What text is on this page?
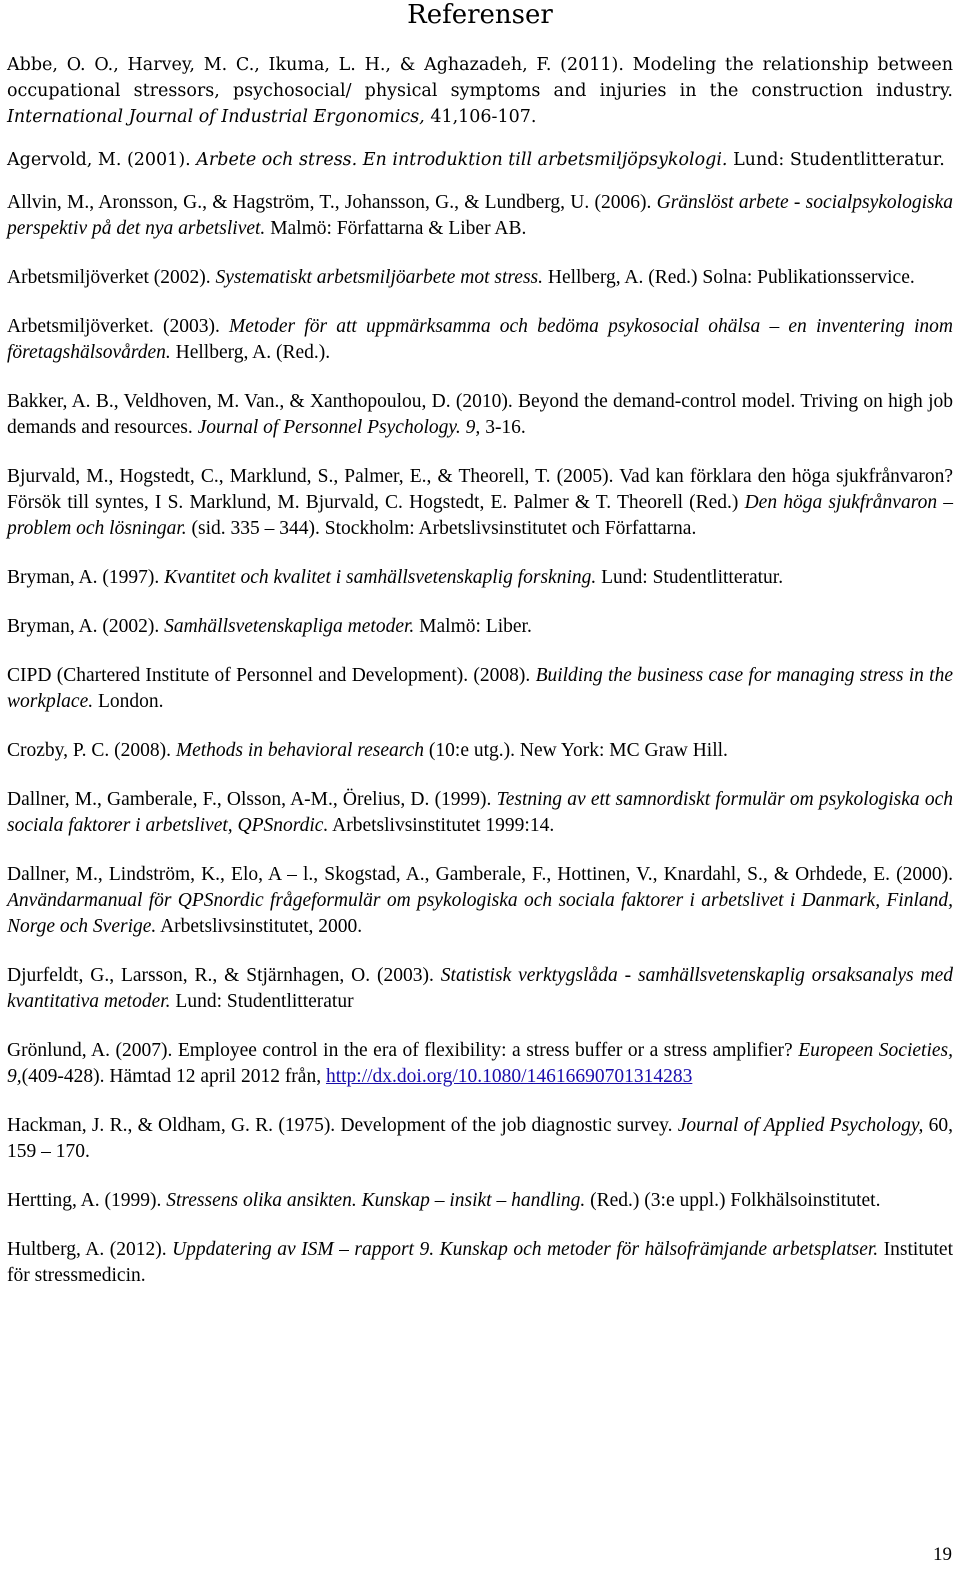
Referenser

Abbe, O. O., Harvey, M. C., Ikuma, L. H., & Aghazadeh, F. (2011). Modeling the relationship between occupational stressors, psychosocial/ physical symptoms and injuries in the construction industry. International Journal of Industrial Ergonomics, 41,106-107.

Agervold, M. (2001). Arbete och stress. En introduktion till arbetsmiljöpsykologi. Lund: Studentlitteratur.

Allvin, M., Aronsson, G., & Hagström, T., Johansson, G., & Lundberg, U. (2006). Gränslöst arbete - socialpsykologiska perspektiv på det nya arbetslivet. Malmö: Författarna & Liber AB.

Arbetsmiljöverket (2002). Systematiskt arbetsmiljöarbete mot stress. Hellberg, A. (Red.) Solna: Publikationsservice.

Arbetsmiljöverket. (2003). Metoder för att uppmärksamma och bedöma psykosocial ohälsa – en inventering inom företagshälsovården. Hellberg, A. (Red.).

Bakker, A. B., Veldhoven, M. Van., & Xanthopoulou, D. (2010). Beyond the demand-control model. Triving on high job demands and resources. Journal of Personnel Psychology. 9, 3-16.

Bjurvald, M., Hogstedt, C., Marklund, S., Palmer, E., & Theorell, T. (2005). Vad kan förklara den höga sjukfrånvaron? Försök till syntes, I S. Marklund, M. Bjurvald, C. Hogstedt, E. Palmer & T. Theorell (Red.) Den höga sjukfrånvaron – problem och lösningar. (sid. 335 – 344). Stockholm: Arbetslivsinstitutet och Författarna.

Bryman, A. (1997). Kvantitet och kvalitet i samhällsvetenskaplig forskning. Lund: Studentlitteratur.

Bryman, A. (2002). Samhällsvetenskapliga metoder. Malmö: Liber.

CIPD (Chartered Institute of Personnel and Development). (2008). Building the business case for managing stress in the workplace. London.

Crozby, P. C. (2008). Methods in behavioral research (10:e utg.). New York: MC Graw Hill.

Dallner, M., Gamberale, F., Olsson, A-M., Örelius, D. (1999). Testning av ett samnordiskt formulär om psykologiska och sociala faktorer i arbetslivet, QPSnordic. Arbetslivsinstitutet 1999:14.

Dallner, M., Lindström, K., Elo, A – l., Skogstad, A., Gamberale, F., Hottinen, V., Knardahl, S., & Orhdede, E. (2000). Användarmanual för QPSnordic frågeformulär om psykologiska och sociala faktorer i arbetslivet i Danmark, Finland, Norge och Sverige. Arbetslivsinstitutet, 2000.

Djurfeldt, G., Larsson, R., & Stjärnhagen, O. (2003). Statistisk verktygslåda - samhällsvetenskaplig orsaksanalys med kvantitativa metoder. Lund: Studentlitteratur

Grönlund, A. (2007). Employee control in the era of flexibility: a stress buffer or a stress amplifier? Europeen Societies, 9,(409-428). Hämtad 12 april 2012 från, http://dx.doi.org/10.1080/14616690701314283

Hackman, J. R., & Oldham, G. R. (1975). Development of the job diagnostic survey. Journal of Applied Psychology, 60, 159 – 170.

Hertting, A. (1999). Stressens olika ansikten. Kunskap – insikt – handling. (Red.) (3:e uppl.) Folkhälsoinstitutet.

Hultberg, A. (2012). Uppdatering av ISM – rapport 9. Kunskap och metoder för hälsofrämjande arbetsplatser. Institutet för stressmedicin.

19
